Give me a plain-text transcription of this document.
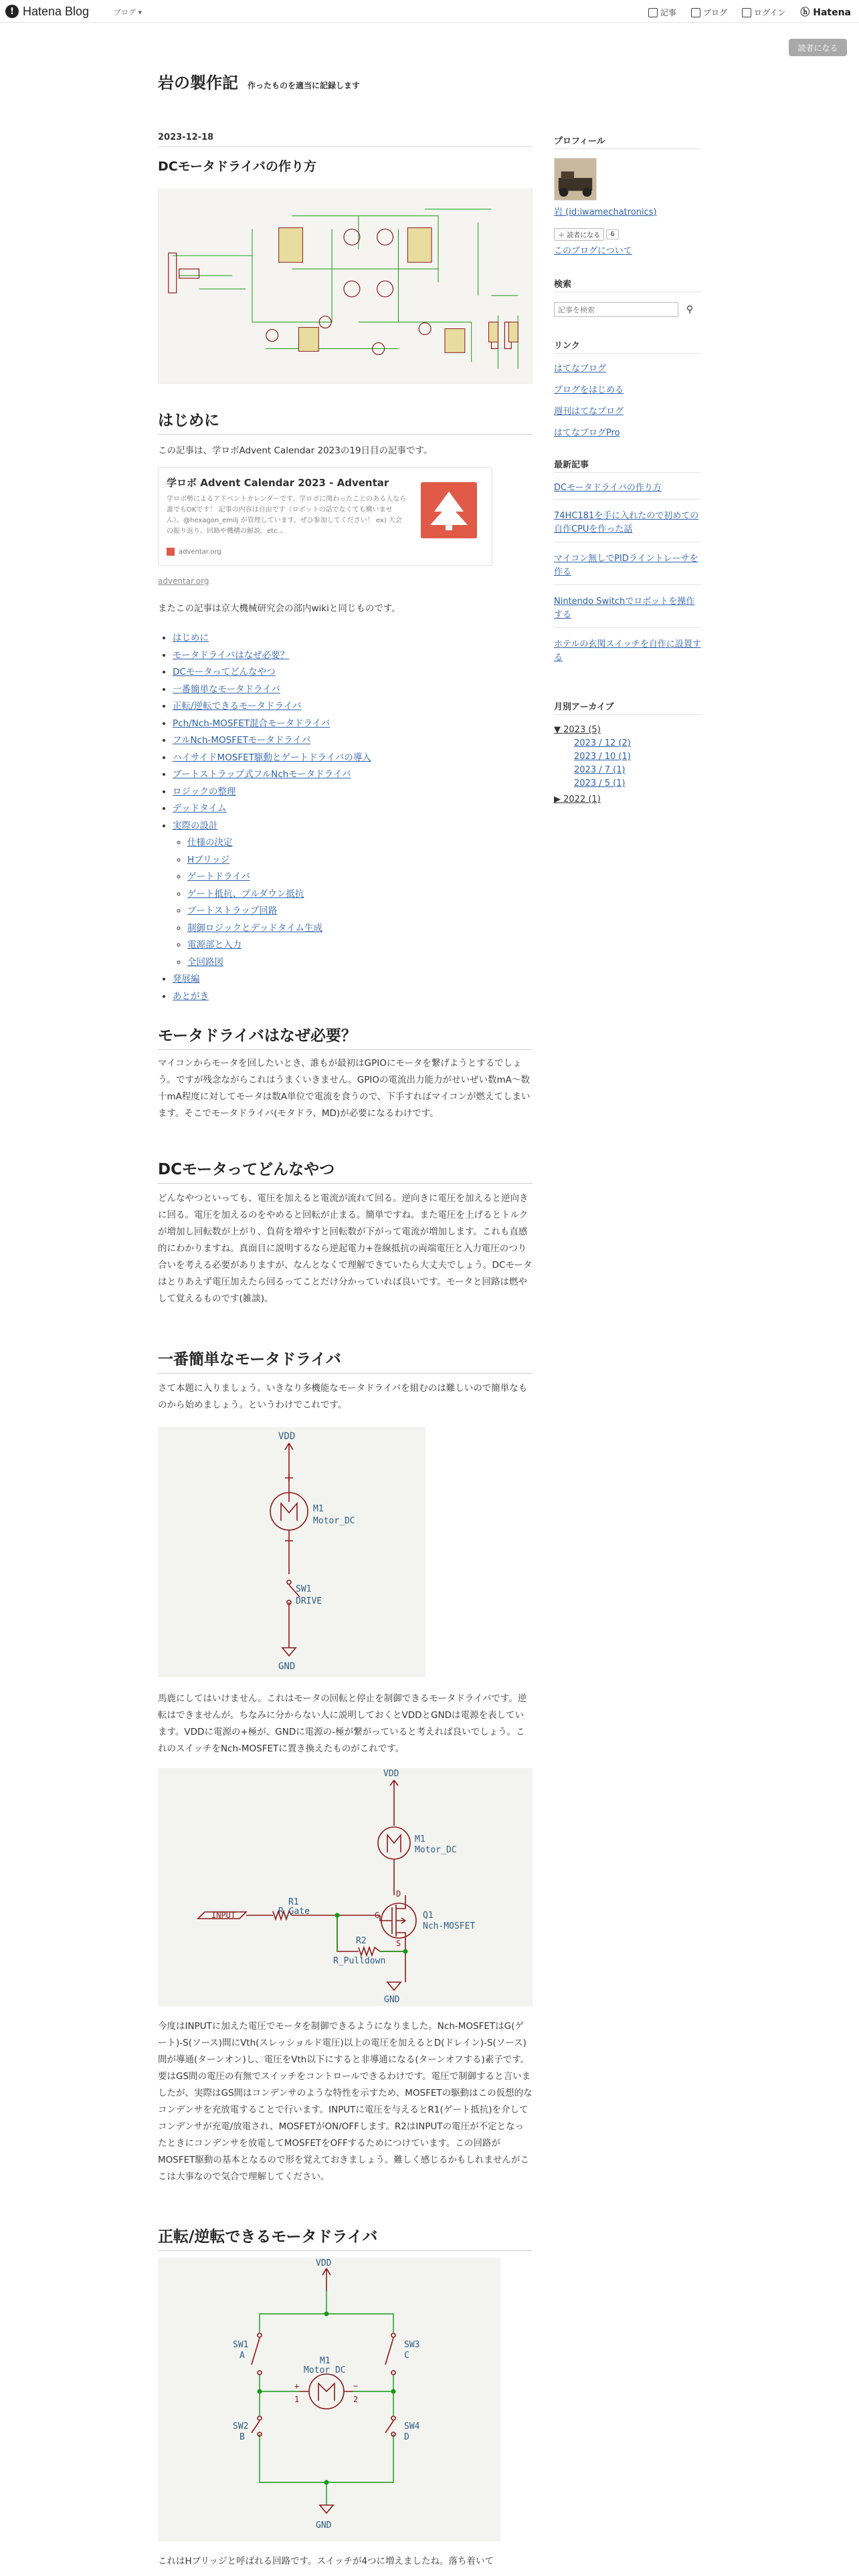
! Hatena Blog	ブログ ▾	記事	ブログ	ログイン ⓗ Hatena
読者になる
岩の製作記 作ったものを適当に記録します
2023-12-18
DCモータドライバの作り方
はじめに

この記事は、学ロボAdvent Calendar 2023の19日目の記事です。

学ロボ Advent Calendar 2023 - Adventar
学ロボ勢によるアドベントカレンダーです。学ロボに関わったことのある人なら誰でもOKです！ 記事の内容は自由です（ロボットの話でなくても構いません）。@hexagon_emilj が管理しています。ぜひ参加してください！ ex) 大会の振り返り、回路や機構の解説、etc...
adventar.org
adventar.org

またこの記事は京大機械研究会の部内wikiと同じものです。

• はじめに
• モータドライバはなぜ必要？
• DCモータってどんなやつ
• 一番簡単なモータドライバ
• 正転/逆転できるモータドライバ
• Pch/Nch-MOSFET混合モータドライバ
• フルNch-MOSFETモータドライバ
• ハイサイドMOSFET駆動とゲートドライバの導入
• ブートストラップ式フルNchモータドライバ
• ロジックの整理
• デッドタイム
• 実際の設計
◦ 仕様の決定
◦ Hブリッジ
◦ ゲートドライバ
◦ ゲート抵抗、プルダウン抵抗
◦ ブートストラップ回路
◦ 制御ロジックとデッドタイム生成
◦ 電源部と入力
◦ 全回路図
• 発展編
• あとがき
モータドライバはなぜ必要？

マイコンからモータを回したいとき、誰もが最初はGPIOにモータを繋げようとするでしょう。ですが残念ながらこれはうまくいきません。GPIOの電流出力能力がせいぜい数mA〜数十mA程度に対してモータは数A単位で電流を食うので、下手すればマイコンが燃えてしまいます。そこでモータドライバ(モタドラ、MD)が必要になるわけです。

DCモータってどんなやつ

どんなやつといっても、電圧を加えると電流が流れて回る。逆向きに電圧を加えると逆向きに回る。電圧を加えるのをやめると回転が止まる。簡単ですね。また電圧を上げるとトルクが増加し回転数が上がり、負荷を増やすと回転数が下がって電流が増加します。これも直感的にわかりますね。真面目に説明するなら逆起電力+巻線抵抗の両端電圧と入力電圧のつり合いを考える必要がありますが、なんとなくで理解できていたら大丈夫でしょう。DCモータはとりあえず電圧加えたら回るってことだけ分かっていれば良いです。モータと回路は燃やして覚えるものです(雑談)。

一番簡単なモータドライバ

さて本題に入りましょう。いきなり多機能なモータドライバを組むのは難しいので簡単なものから始めましょう。というわけでこれです。

VDD
M1
Motor_DC
SW1
DRIVE
GND

馬鹿にしてはいけません。これはモータの回転と停止を制御できるモータドライバです。逆転はできませんが。ちなみに分からない人に説明しておくとVDDとGNDは電源を表しています。VDDに電源の+極が、GNDに電源の-極が繋がっていると考えれば良いでしょう。これのスイッチをNch-MOSFETに置き換えたものがこれです。

VDD
M1
Motor_DC
R1
R_Gate
R2
R_Pulldown
Q1
Nch-MOSFET
GND
INPUT	G
D
S

今度はINPUTに加えた電圧でモータを制御できるようになりました。Nch-MOSFETはG(ゲート)-S(ソース)間にVth(スレッショルド電圧)以上の電圧を加えるとD(ドレイン)-S(ソース)間が導通(ターンオン)し、電圧をVth以下にすると非導通になる(ターンオフする)素子です。要はGS間の電圧の有無でスイッチをコントロールできるわけです。電圧で制御すると言いましたが、実際はGS間はコンデンサのような特性を示すため、MOSFETの駆動はこの仮想的なコンデンサを充放電することで行います。INPUTに電圧を与えるとR1(ゲート抵抗)を介してコンデンサが充電/放電され、MOSFETがON/OFFします。R2はINPUTの電圧が不定となったときにコンデンサを放電してMOSFETをOFFするためにつけています。この回路がMOSFET駆動の基本となるので形を覚えておきましょう。難しく感じるかもしれませんがここは大事なので気合で理解してください。

正転/逆転できるモータドライバ
VDD
SW1
A
SW3
C
SW2
B
SW4
D
M1
Motor_DC
GND
+	−
1	2

これはHブリッジと呼ばれる回路です。スイッチが4つに増えましたね。落ち着いて

プロフィール
岩 (id:iwamechatronics)
＋ 読者になる	6
このブログについて
検索
記事を検索
⚲
リンク
はてなブログ
ブログをはじめる
週刊はてなブログ
はてなブログPro
最新記事
DCモータドライバの作り方
74HC181を手に入れたので初めての自作CPUを作った話
マイコン無しでPIDライントレーサを作る
Nintendo Switchでロボットを操作する
ホテルの玄関スイッチを自作に設置する
月別アーカイブ
▼ 2023 (5)
2023 / 12 (2)
2023 / 10 (1)
2023 / 7 (1)
2023 / 5 (1)
▶ 2022 (1)
